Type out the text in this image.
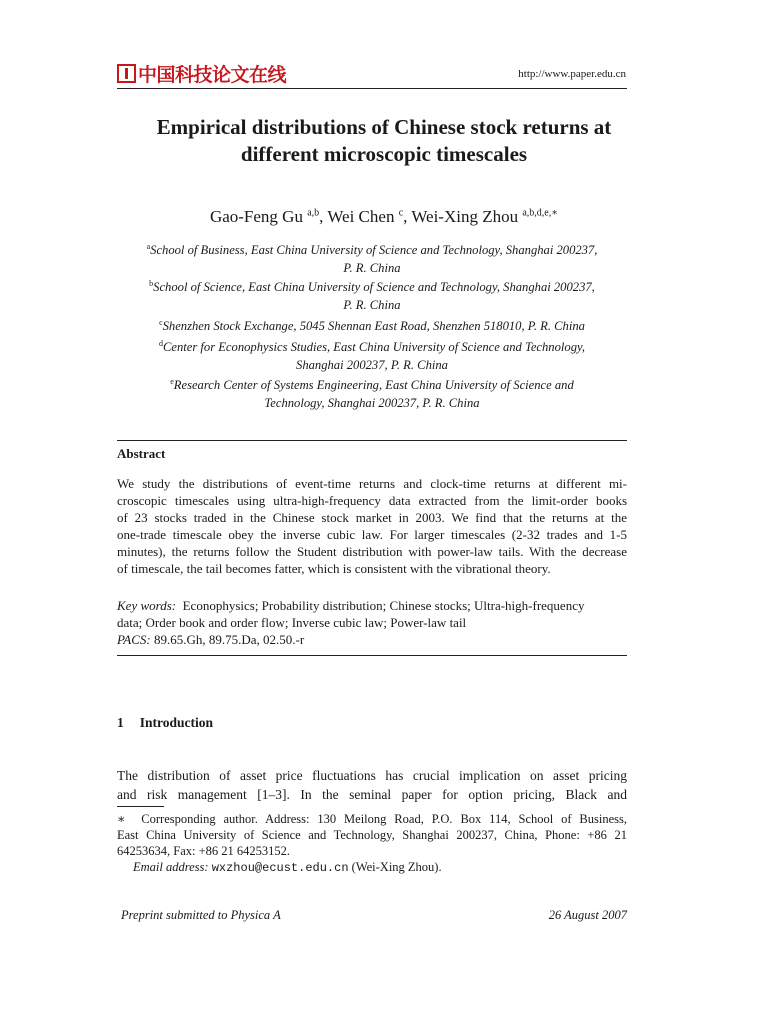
中国科技论文在线	http://www.paper.edu.cn
Empirical distributions of Chinese stock returns at
different microscopic timescales
Gao-Feng Gu $^{a,b}$, Wei Chen $^c$, Wei-Xing Zhou $^{a,b,d,e,∗}$
$^a$School of Business, East China University of Science and Technology, Shanghai 200237,
P. R. China
$^b$School of Science, East China University of Science and Technology, Shanghai 200237,
P. R. China
$^c$Shenzhen Stock Exchange, 5045 Shennan East Road, Shenzhen 518010, P. R. China
$^d$Center for Econophysics Studies, East China University of Science and Technology,
Shanghai 200237, P. R. China
$^e$Research Center of Systems Engineering, East China University of Science and
Technology, Shanghai 200237, P. R. China
Abstract
We study the distributions of event-time returns and clock-time returns at different mi-
croscopic timescales using ultra-high-frequency data extracted from the limit-order books
of 23 stocks traded in the Chinese stock market in 2003. We find that the returns at the
one-trade timescale obey the inverse cubic law. For larger timescales (2-32 trades and 1-5
minutes), the returns follow the Student distribution with power-law tails. With the decrease
of timescale, the tail becomes fatter, which is consistent with the vibrational theory.
Key words: Econophysics; Probability distribution; Chinese stocks; Ultra-high-frequency
data; Order book and order flow; Inverse cubic law; Power-law tail
PACS: 89.65.Gh, 89.75.Da, 02.50.-r
1 Introduction
The distribution of asset price fluctuations has crucial implication on asset pricing
and risk management [1–3]. In the seminal paper for option pricing, Black and
∗ Corresponding author. Address: 130 Meilong Road, P.O. Box 114, School of Business,
East China University of Science and Technology, Shanghai 200237, China, Phone: +86 21
64253634, Fax: +86 21 64253152.
Email address: wxzhou@ecust.edu.cn (Wei-Xing Zhou).
Preprint submitted to Physica A	26 August 2007
